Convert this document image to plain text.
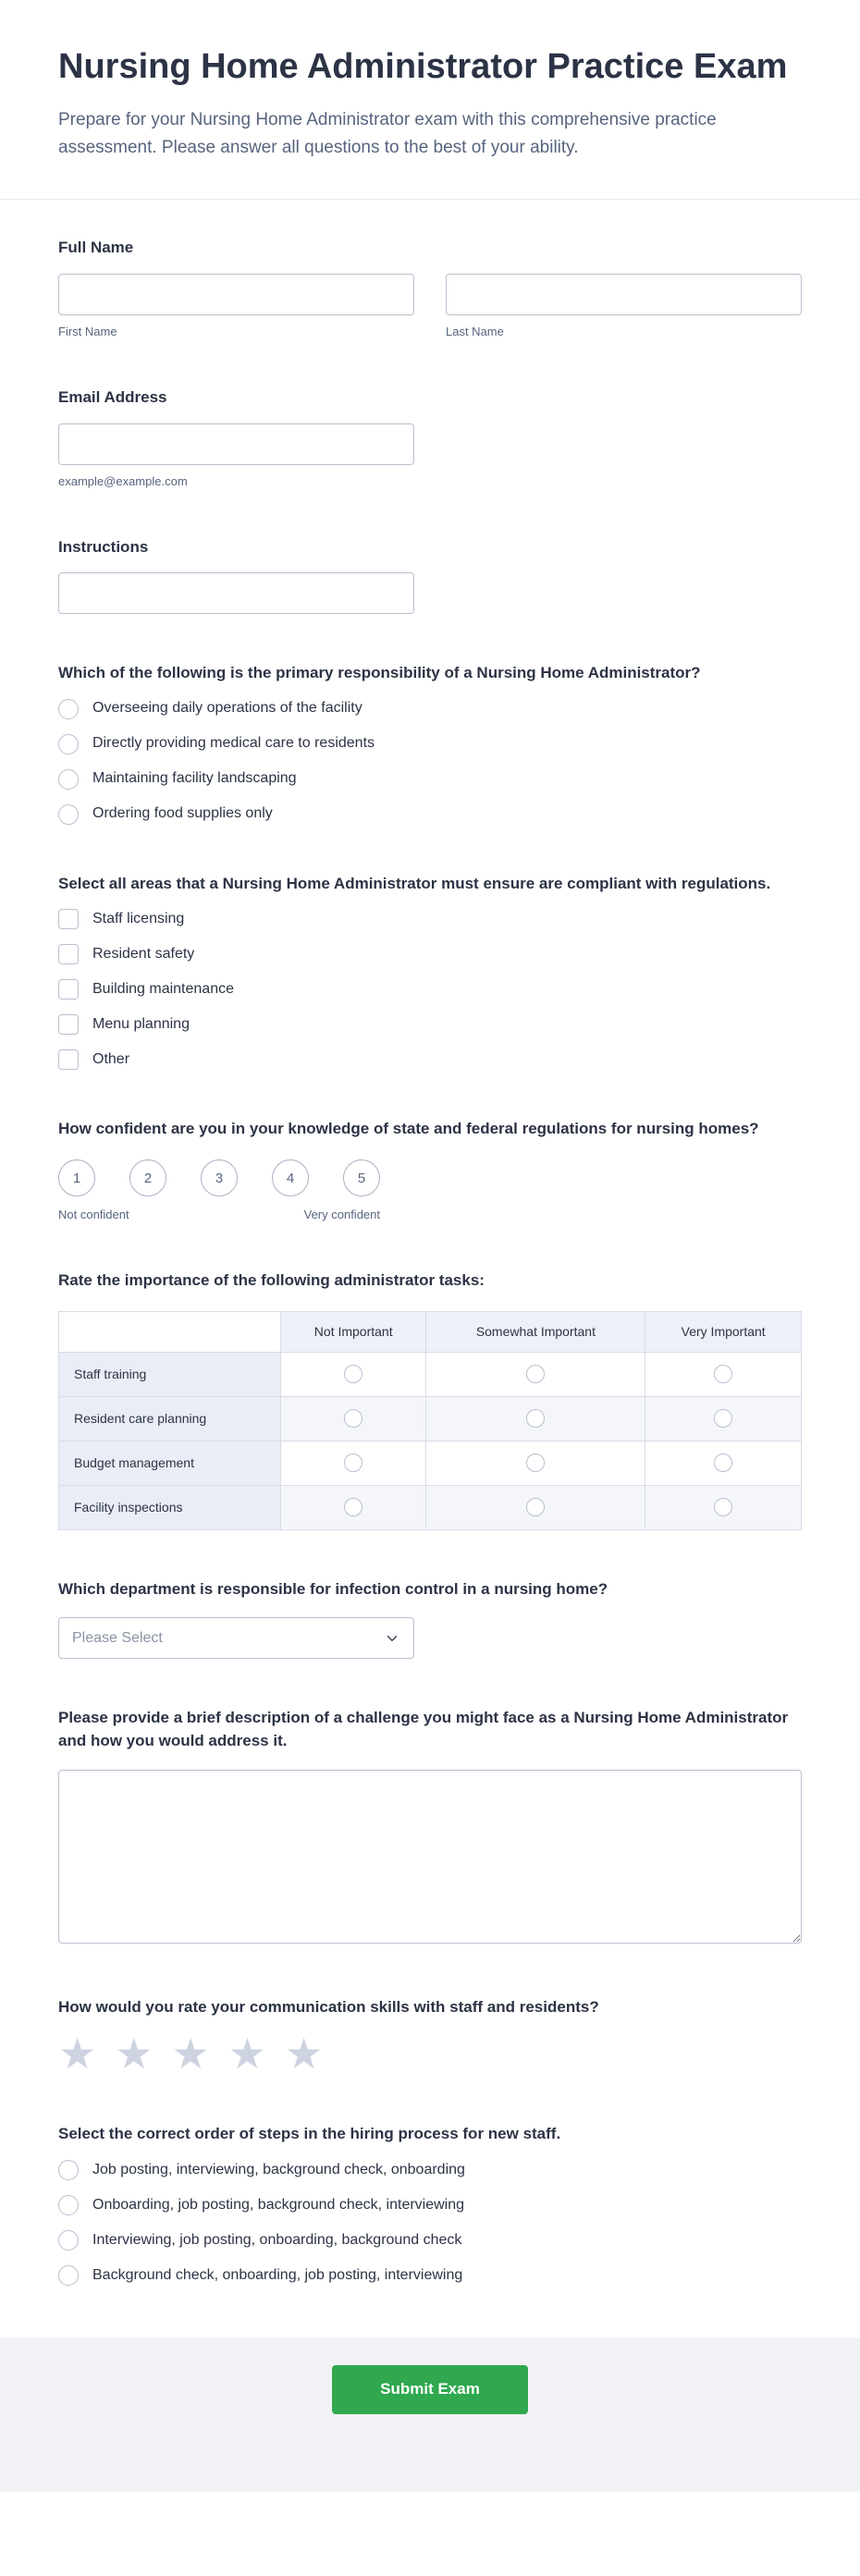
Nursing Home Administrator Practice Exam

Prepare for your Nursing Home Administrator exam with this comprehensive practice assessment. Please answer all questions to the best of your ability.

Full Name
First Name	Last Name
Email Address
example@example.com
Instructions
Which of the following is the primary responsibility of a Nursing Home Administrator?
Overseeing daily operations of the facility
Directly providing medical care to residents
Maintaining facility landscaping
Ordering food supplies only
Select all areas that a Nursing Home Administrator must ensure are compliant with regulations.
Staff licensing
Resident safety
Building maintenance
Menu planning
Other
How confident are you in your knowledge of state and federal regulations for nursing homes?
1	2	3	4	5
Not confident	Very confident
Rate the importance of the following administrator tasks:
	Not Important	Somewhat Important	Very Important
Staff training	

Resident care planning	

Budget management	

Facility inspections	

Which department is responsible for infection control in a nursing home?
Please Select
Please provide a brief description of a challenge you might face as a Nursing Home Administrator and how you would address it.
How would you rate your communication skills with staff and residents?
★ ★ ★ ★ ★
Select the correct order of steps in the hiring process for new staff.
Job posting, interviewing, background check, onboarding
Onboarding, job posting, background check, interviewing
Interviewing, job posting, onboarding, background check
Background check, onboarding, job posting, interviewing
Submit Exam
